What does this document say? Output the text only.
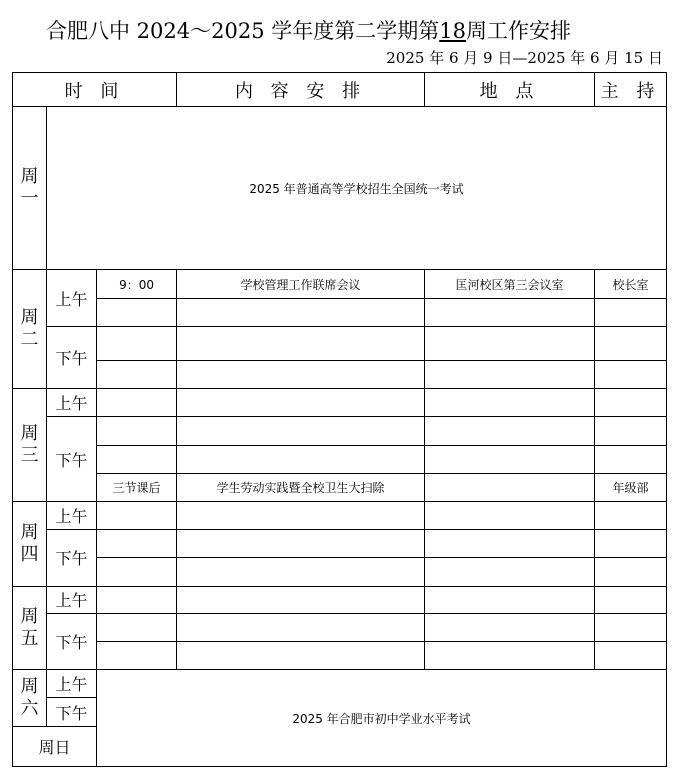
合肥八中 2024～2025 学年度第二学期第18周工作安排
2025 年 6 月 9 日—2025 年 6 月 15 日
时 间			内 容 安 排	地 点	主 持
周一	2025 年普通高等学校招生全国统一考试				
周二	上午	9：00	学校管理工作联席会议	匡河校区第三会议室	校长室

	下午				

周三	上午				
	下午				

		三节课后	学生劳动实践暨全校卫生大扫除		年级部
周四	上午				
	下午				

周五	上午				
	下午				

周六	上午	2025 年合肥市初中学业水平考试			
	下午				
周日					
